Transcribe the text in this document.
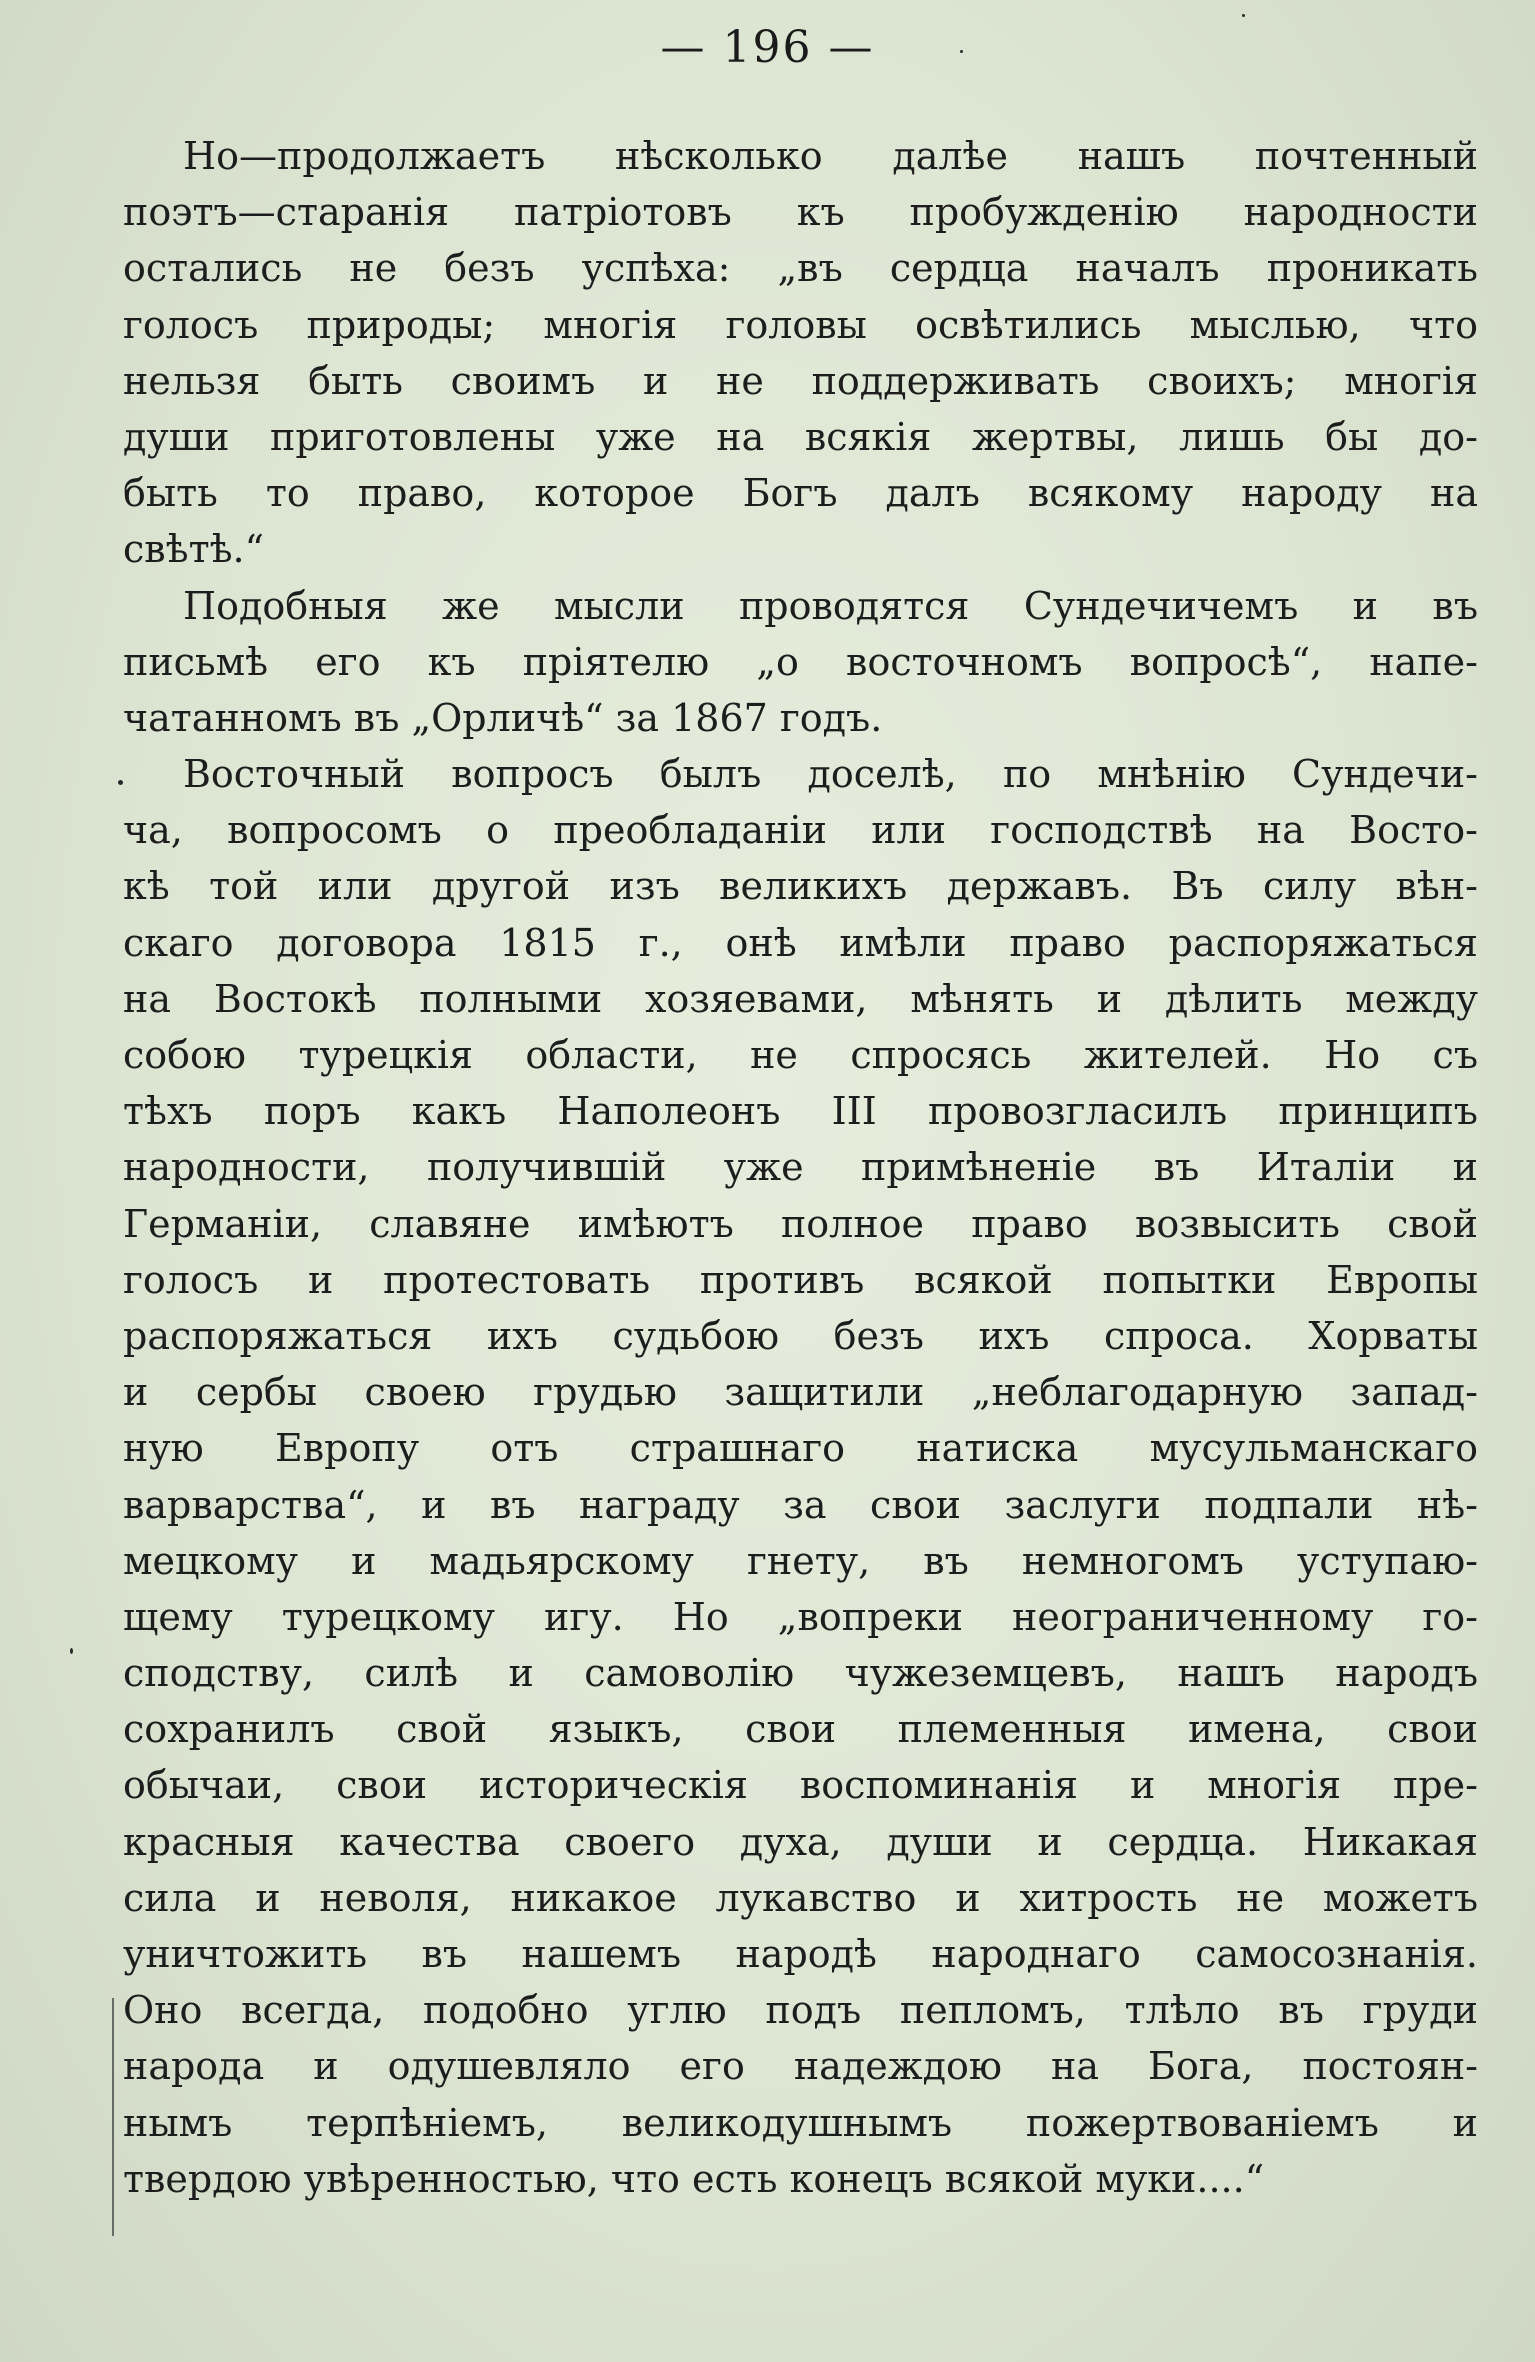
— 196 —
Но—продолжаетъ нѣсколько далѣе нашъ почтенный
поэтъ—старанія патріотовъ къ пробужденію народности
остались не безъ успѣха: „въ сердца началъ проникать
голосъ природы; многія головы освѣтились мыслью, что
нельзя быть своимъ и не поддерживать своихъ; многія
души приготовлены уже на всякія жертвы, лишь бы до-
быть то право, которое Богъ далъ всякому народу на
свѣтѣ.“
Подобныя же мысли проводятся Сундечичемъ и въ
письмѣ его къ пріятелю „о восточномъ вопросѣ“, напе-
чатанномъ въ „Орличѣ“ за 1867 годъ.
Восточный вопросъ былъ доселѣ, по мнѣнію Сундечи-
ча, вопросомъ о преобладаніи или господствѣ на Восто-
кѣ той или другой изъ великихъ державъ. Въ силу вѣн-
скаго договора 1815 г., онѣ имѣли право распоряжаться
на Востокѣ полными хозяевами, мѣнять и дѣлить между
собою турецкія области, не спросясь жителей. Но съ
тѣхъ поръ какъ Наполеонъ III провозгласилъ принципъ
народности, получившій уже примѣненіе въ Италіи и
Германіи, славяне имѣютъ полное право возвысить свой
голосъ и протестовать противъ всякой попытки Европы
распоряжаться ихъ судьбою безъ ихъ спроса. Хорваты
и сербы своею грудью защитили „неблагодарную запад-
ную Европу отъ страшнаго натиска мусульманскаго
варварства“, и въ награду за свои заслуги подпали нѣ-
мецкому и мадьярскому гнету, въ немногомъ уступаю-
щему турецкому игу. Но „вопреки неограниченному го-
сподству, силѣ и самоволію чужеземцевъ, нашъ народъ
сохранилъ свой языкъ, свои племенныя имена, свои
обычаи, свои историческія воспоминанія и многія пре-
красныя качества своего духа, души и сердца. Никакая
сила и неволя, никакое лукавство и хитрость не можетъ
уничтожить въ нашемъ народѣ народнаго самосознанія.
Оно всегда, подобно углю подъ пепломъ, тлѣло въ груди
народа и одушевляло его надеждою на Бога, постоян-
нымъ терпѣніемъ, великодушнымъ пожертвованіемъ и
твердою увѣренностью, что есть конецъ всякой муки....“
